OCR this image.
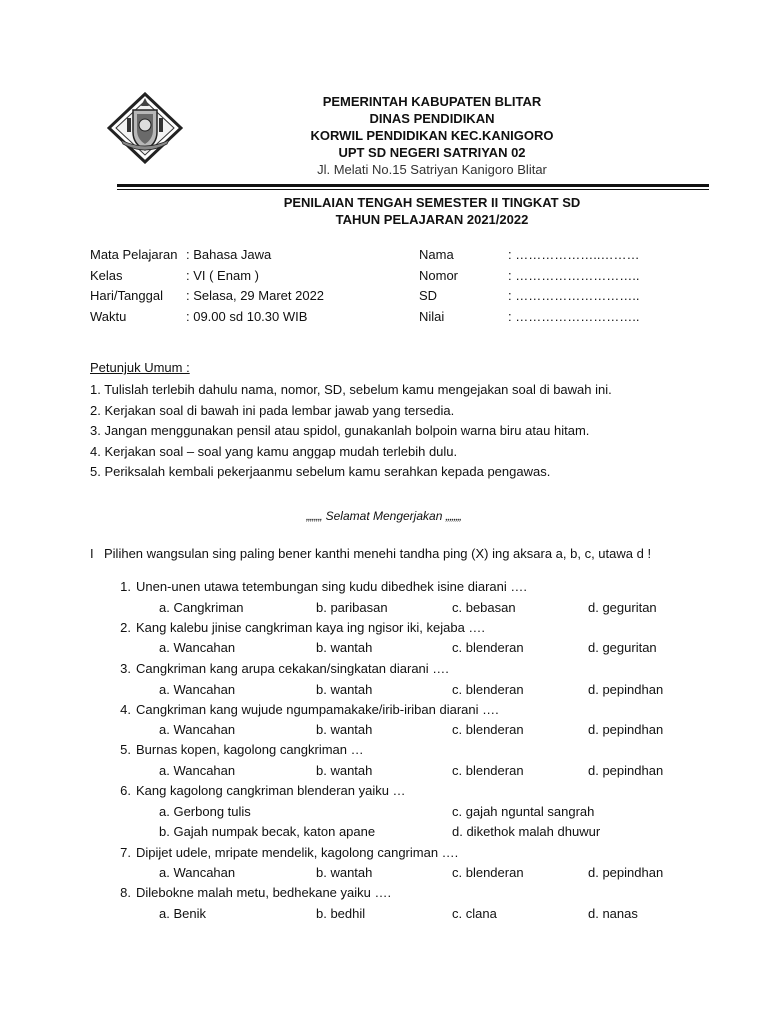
PEMERINTAH KABUPATEN BLITAR
DINAS PENDIDIKAN
KORWIL PENDIDIKAN KEC.KANIGORO
UPT SD NEGERI SATRIYAN 02
Jl. Melati No.15 Satriyan Kanigoro Blitar
PENILAIAN TENGAH SEMESTER II TINGKAT SD
TAHUN PELAJARAN 2021/2022
Mata Pelajaran : Bahasa Jawa
Kelas	: VI ( Enam )
Hari/Tanggal : Selasa, 29 Maret 2022
Waktu	: 09.00 sd 10.30 WIB
Nama	: ………………..………
Nomor	: ………………………..
SD	: ………………………..
Nilai	: ………………………..
Petunjuk Umum :
1. Tulislah terlebih dahulu nama, nomor, SD, sebelum kamu mengejakan soal di bawah ini.
2. Kerjakan soal di bawah ini pada lembar jawab yang tersedia.
3. Jangan menggunakan pensil atau spidol, gunakanlah bolpoin warna biru atau hitam.
4. Kerjakan soal – soal yang kamu anggap mudah terlebih dulu.
5. Periksalah kembali pekerjaanmu sebelum kamu serahkan kepada pengawas.
„„„„ Selamat Mengerjakan „„„„
I Pilihen wangsulan sing paling bener kanthi menehi tandha ping (X) ing aksara a, b, c, utawa d !
1. Unen-unen utawa tetembungan sing kudu dibedhek isine diarani ….
a. Cangkriman	b. paribasan	c. bebasan	d. geguritan
2. Kang kalebu jinise cangkriman kaya ing ngisor iki, kejaba ….
a. Wancahan	b. wantah	c. blenderan	d. geguritan
3. Cangkriman kang arupa cekakan/singkatan diarani ….
a. Wancahan	b. wantah	c. blenderan	d. pepindhan
4. Cangkriman kang wujude ngumpamakake/irib-iriban diarani ….
a. Wancahan	b. wantah	c. blenderan	d. pepindhan
5. Burnas kopen, kagolong cangkriman …
a. Wancahan	b. wantah	c. blenderan	d. pepindhan
6. Kang kagolong cangkriman blenderan yaiku …
a. Gerbong tulis	c. gajah nguntal sangrah
b. Gajah numpak becak, katon apane	d. dikethok malah dhuwur
7. Dipijet udele, mripate mendelik, kagolong cangriman ….
a. Wancahan	b. wantah	c. blenderan	d. pepindhan
8. Dilebokne malah metu, bedhekane yaiku ….
a. Benik	b. bedhil	c. clana	d. nanas
